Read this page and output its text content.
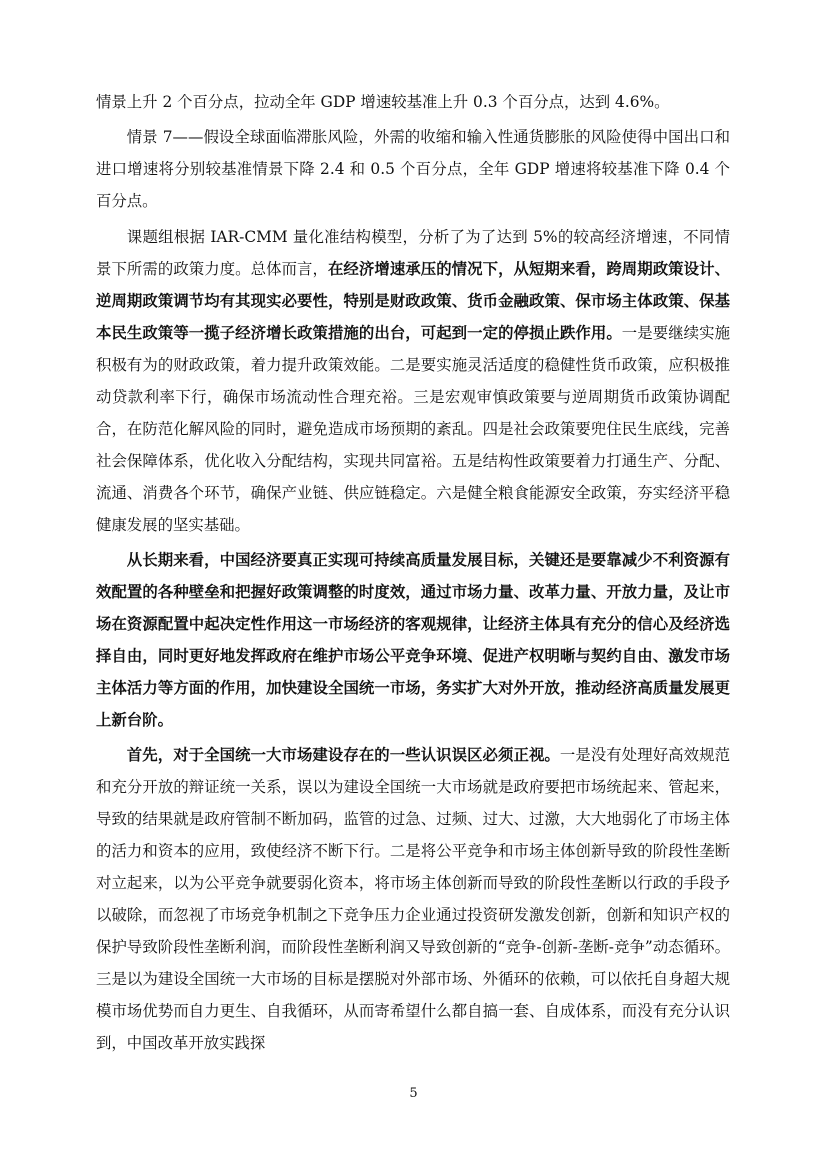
情景上升 2 个百分点，拉动全年 GDP 增速较基准上升 0.3 个百分点，达到 4.6%。

情景 7——假设全球面临滞胀风险，外需的收缩和输入性通货膨胀的风险使得中国出口和进口增速将分别较基准情景下降 2.4 和 0.5 个百分点，全年 GDP 增速将较基准下降 0.4 个百分点。

课题组根据 IAR-CMM 量化准结构模型，分析了为了达到 5%的较高经济增速，不同情景下所需的政策力度。总体而言，在经济增速承压的情况下，从短期来看，跨周期政策设计、逆周期政策调节均有其现实必要性，特别是财政政策、货币金融政策、保市场主体政策、保基本民生政策等一揽子经济增长政策措施的出台，可起到一定的停损止跌作用。一是要继续实施积极有为的财政政策，着力提升政策效能。二是要实施灵活适度的稳健性货币政策，应积极推动贷款利率下行，确保市场流动性合理充裕。三是宏观审慎政策要与逆周期货币政策协调配合，在防范化解风险的同时，避免造成市场预期的紊乱。四是社会政策要兜住民生底线，完善社会保障体系，优化收入分配结构，实现共同富裕。五是结构性政策要着力打通生产、分配、流通、消费各个环节，确保产业链、供应链稳定。六是健全粮食能源安全政策，夯实经济平稳健康发展的坚实基础。

从长期来看，中国经济要真正实现可持续高质量发展目标，关键还是要靠减少不利资源有效配置的各种壁垒和把握好政策调整的时度效，通过市场力量、改革力量、开放力量，及让市场在资源配置中起决定性作用这一市场经济的客观规律，让经济主体具有充分的信心及经济选择自由，同时更好地发挥政府在维护市场公平竞争环境、促进产权明晰与契约自由、激发市场主体活力等方面的作用，加快建设全国统一市场，务实扩大对外开放，推动经济高质量发展更上新台阶。

首先，对于全国统一大市场建设存在的一些认识误区必须正视。一是没有处理好高效规范和充分开放的辩证统一关系，误以为建设全国统一大市场就是政府要把市场统起来、管起来，导致的结果就是政府管制不断加码，监管的过急、过频、过大、过激，大大地弱化了市场主体的活力和资本的应用，致使经济不断下行。二是将公平竞争和市场主体创新导致的阶段性垄断对立起来，以为公平竞争就要弱化资本，将市场主体创新而导致的阶段性垄断以行政的手段予以破除，而忽视了市场竞争机制之下竞争压力企业通过投资研发激发创新，创新和知识产权的保护导致阶段性垄断利润，而阶段性垄断利润又导致创新的“竞争-创新-垄断-竞争”动态循环。三是以为建设全国统一大市场的目标是摆脱对外部市场、外循环的依赖，可以依托自身超大规模市场优势而自力更生、自我循环，从而寄希望什么都自搞一套、自成体系，而没有充分认识到，中国改革开放实践探

5
